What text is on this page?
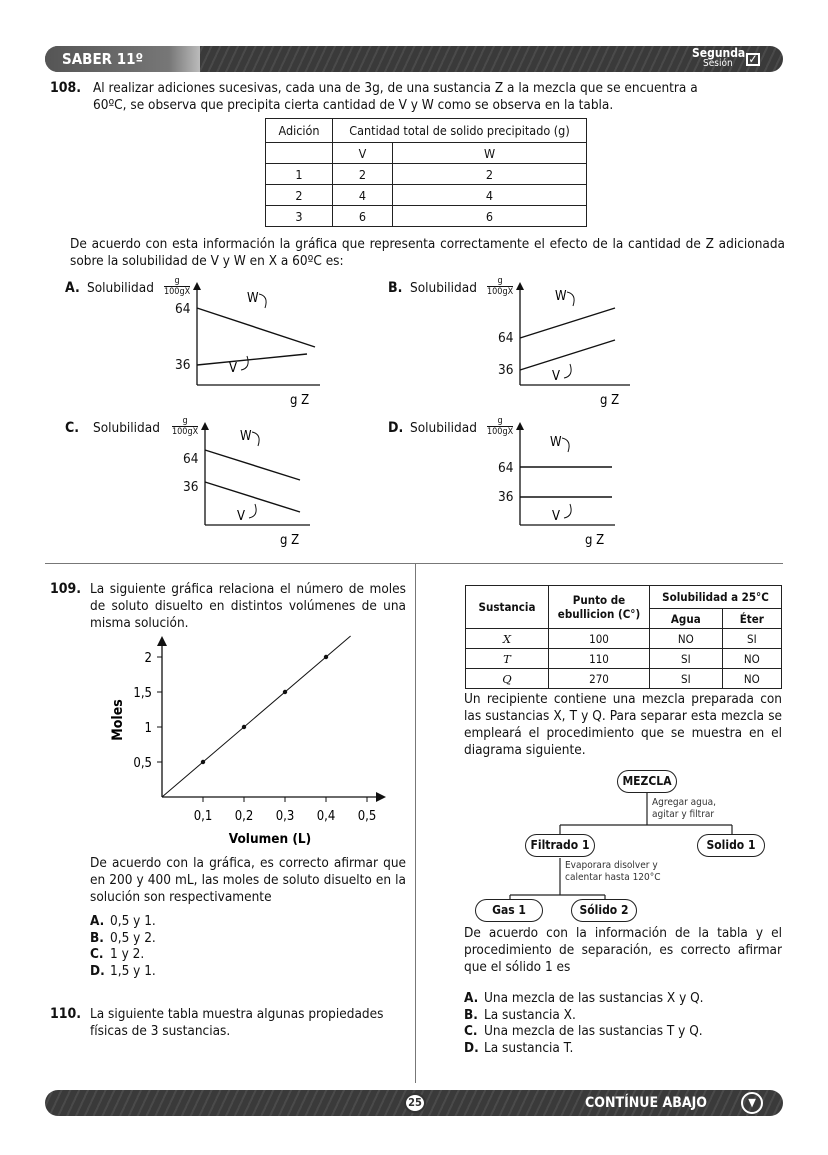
SABER 11º	Segunda
Sesión ✓
108. Al realizar adiciones sucesivas, cada una de 3g, de una sustancia Z a la mezcla que se encuentra a
60ºC, se observa que precipita cierta cantidad de V y W como se observa en la tabla.
Adición	Cantidad total de solido precipitado (g)	
	V	W
1	2	2
2	4	4
3	6	6
De acuerdo con esta información la gráfica que representa correctamente el efecto de la cantidad de Z adicionada sobre la solubilidad de V y W en X a 60ºC es:
A. Solubilidad	g
100gX	W
V
g Z
64
36
B. Solubilidad	g
100gX	W
V
g Z
64
36
C. Solubilidad	g
100gX	W
V
g Z
64
36
D. Solubilidad	g
100gX
W
V
g Z
64
36
109. La siguiente gráfica relaciona el número de moles de soluto disuelto en distintos volúmenes de una misma solución.
0,1 0,2 0,3 0,4 0,5
0,5
1
1,5
2
Moles
Volumen (L)
De acuerdo con la gráfica, es correcto afirmar que en 200 y 400 mL, las moles de soluto disuelto en la solución son respectivamente
A. 0,5 y 1.
B. 0,5 y 2.
C. 1 y 2.
D. 1,5 y 1.
110. La siguiente tabla muestra algunas propiedades físicas de 3 sustancias.
Sustancia	Punto de ebullicion (C°)	Solubilidad a 25°C	
		Agua	Éter
X	100	NO	SI
T	110	SI	NO
Q	270	SI	NO
Un recipiente contiene una mezcla preparada con las sustancias X, T y Q. Para separar esta mezcla se empleará el procedimiento que se muestra en el diagrama siguiente.
MEZCLA
Agregar agua,
agitar y filtrar
Filtrado 1	Solido 1
Evaporara disolver y
calentar hasta 120°C
Gas 1	Sólido 2
De acuerdo con la información de la tabla y el procedimiento de separación, es correcto afirmar que el sólido 1 es
A. Una mezcla de las sustancias X y Q.
B. La sustancia X.
C. Una mezcla de las sustancias T y Q.
D. La sustancia T.
25	CONTÍNUE ABAJO	▼
